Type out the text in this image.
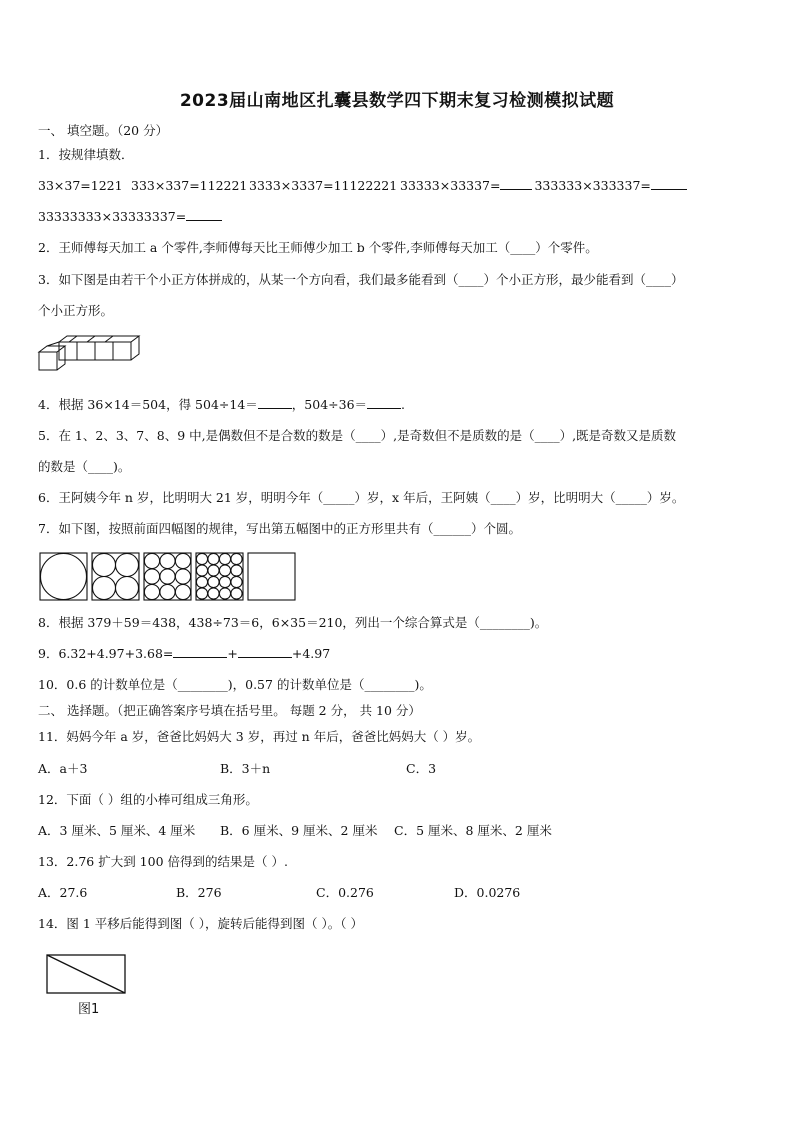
2023届山南地区扎囊县数学四下期末复习检测模拟试题
一、 填空题。（20 分）
1．按规律填数．
33×37=1221 333×337=112221 3333×3337=11122221 33333×33337=	333333×333337=
33333333×33333337=
2．王师傅每天加工 a 个零件,李师傅每天比王师傅少加工 b 个零件,李师傅每天加工（____）个零件。
3．如下图是由若干个小正方体拼成的，从某一个方向看，我们最多能看到（____）个小正方形，最少能看到（____）
个小正方形。
4．根据 36×14＝504，得 504÷14＝	，504÷36＝	.
5．在 1、2、3、7、8、9 中,是偶数但不是合数的数是（____）,是奇数但不是质数的是（____）,既是奇数又是质数
的数是（____)。
6．王阿姨今年 n 岁，比明明大 21 岁，明明今年（_____）岁，x 年后，王阿姨（____）岁，比明明大（_____）岁。
7．如下图，按照前面四幅图的规律，写出第五幅图中的正方形里共有（______）个圆。
8．根据 379＋59＝438，438÷73＝6，6×35＝210，列出一个综合算式是（________)。
9．6.32+4.97+3.68=	+	+4.97
10．0.6 的计数单位是（________)，0.57 的计数单位是（________)。
二、 选择题。（把正确答案序号填在括号里。 每题 2 分， 共 10 分）
11．妈妈今年 a 岁，爸爸比妈妈大 3 岁，再过 n 年后，爸爸比妈妈大（ ）岁。
A．a＋3	B．3＋n	C．3
12．下面（ ）组的小棒可组成三角形。
A．3 厘米、5 厘米、4 厘米 B．6 厘米、9 厘米、2 厘米 C．5 厘米、8 厘米、2 厘米
13．2.76 扩大到 100 倍得到的结果是（ ）.
A．27.6	B．276	C．0.276	D．0.0276
14．图 1 平移后能得到图（ ），旋转后能得到图（ ）。（ ）
图1
